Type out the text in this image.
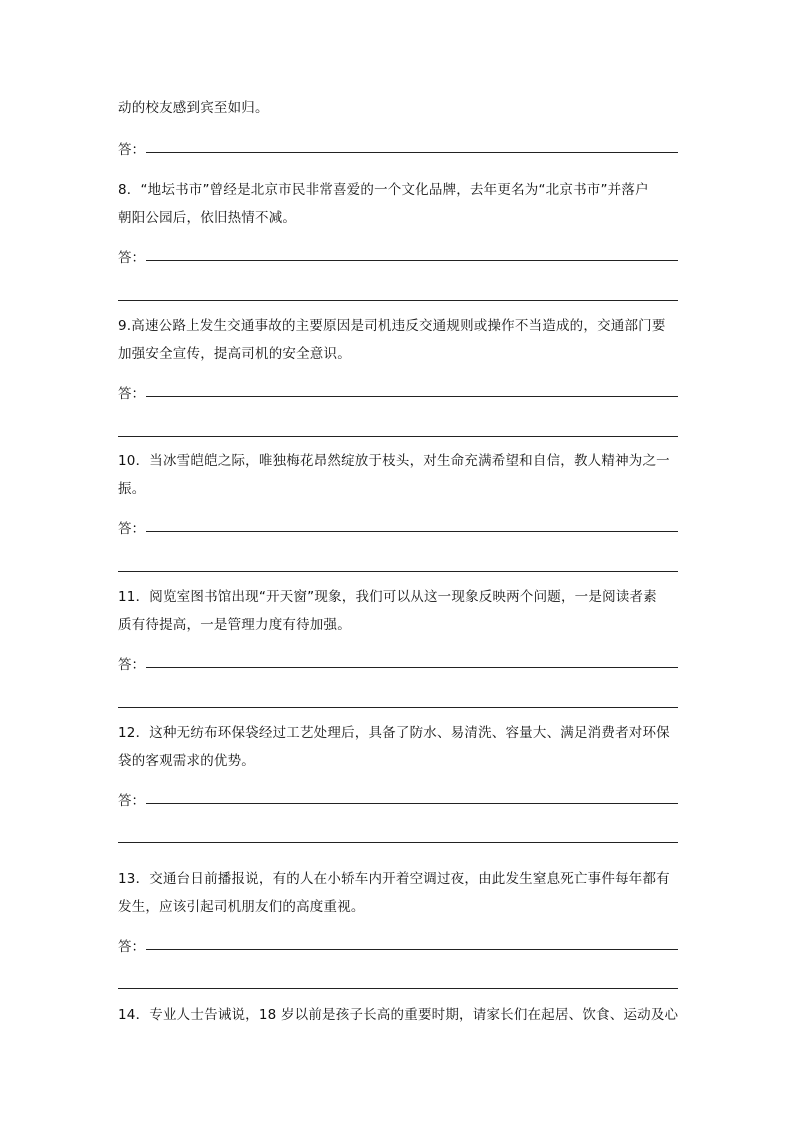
动的校友感到宾至如归。
答：
8．“地坛书市”曾经是北京市民非常喜爱的一个文化品牌，去年更名为“北京书市”并落户
朝阳公园后，依旧热情不减。
答：
9.高速公路上发生交通事故的主要原因是司机违反交通规则或操作不当造成的，交通部门要
加强安全宣传，提高司机的安全意识。
答：
10．当冰雪皑皑之际，唯独梅花昂然绽放于枝头，对生命充满希望和自信，教人精神为之一
振。
答：
11．阅览室图书馆出现“开天窗”现象，我们可以从这一现象反映两个问题，一是阅读者素
质有待提高，一是管理力度有待加强。
答：
12．这种无纺布环保袋经过工艺处理后，具备了防水、易清洗、容量大、满足消费者对环保
袋的客观需求的优势。
答：
13．交通台日前播报说，有的人在小轿车内开着空调过夜，由此发生窒息死亡事件每年都有
发生，应该引起司机朋友们的高度重视。
答：
14．专业人士告诫说，18 岁以前是孩子长高的重要时期，请家长们在起居、饮食、运动及心
